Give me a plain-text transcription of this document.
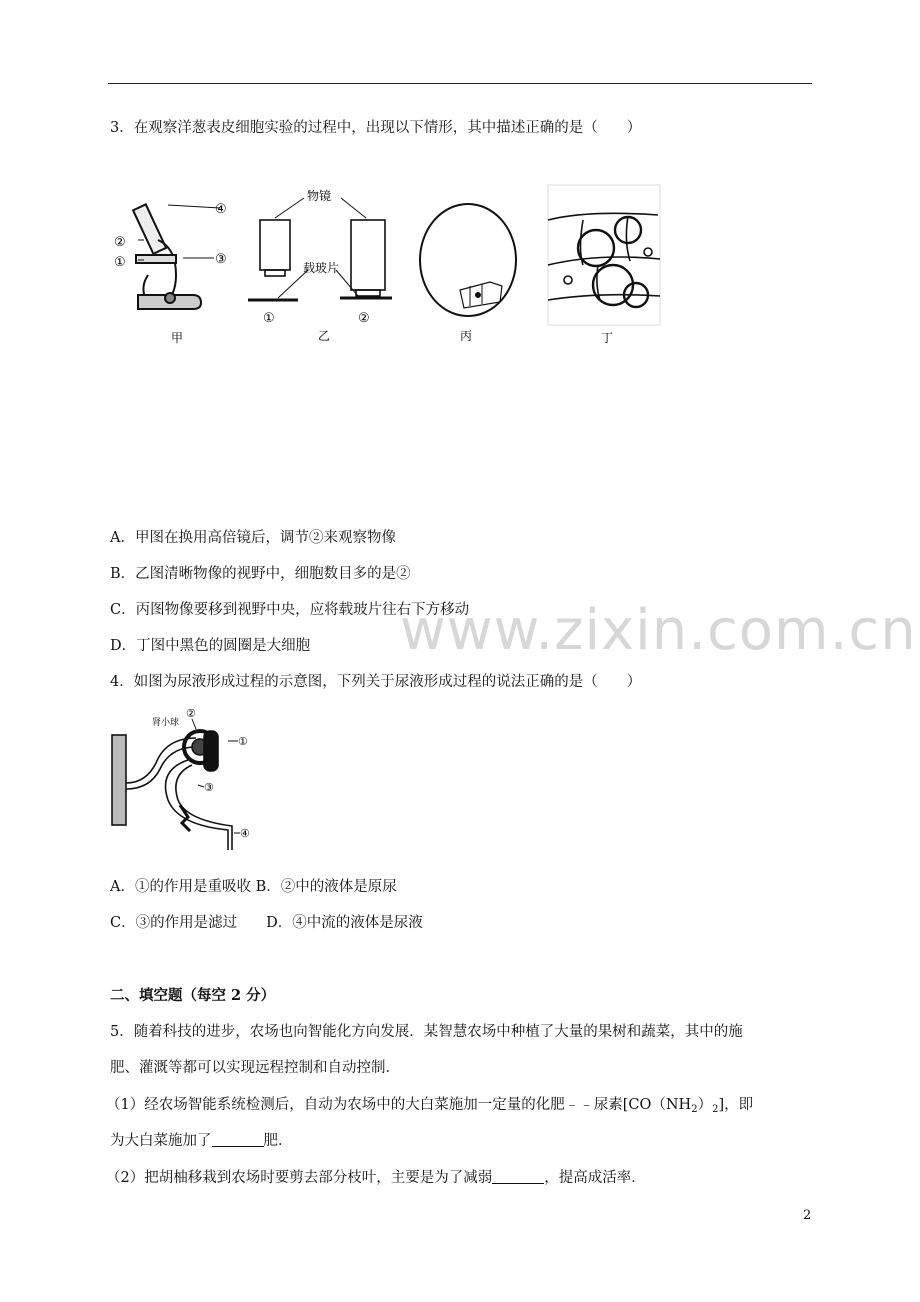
www.zixin.com.cn
3．在观察洋葱表皮细胞实验的过程中，出现以下情形，其中描述正确的是（　　）
④
②
①	③
甲
物镜
载玻片
①	②
乙	丙	丁
A．甲图在换用高倍镜后，调节②来观察物像
B．乙图清晰物像的视野中，细胞数目多的是②
C．丙图物像要移到视野中央，应将载玻片往右下方移动
D．丁图中黑色的圆圈是大细胞
4．如图为尿液形成过程的示意图，下列关于尿液形成过程的说法正确的是（　　）
肾小球
②
①
③
④
A．①的作用是重吸收 B．②中的液体是原尿
C．③的作用是滤过　　D．④中流的液体是尿液
二、填空题（每空 2 分）
5．随着科技的进步，农场也向智能化方向发展．某智慧农场中种植了大量的果树和蔬菜，其中的施
肥、灌溉等都可以实现远程控制和自动控制．
（1）经农场智能系统检测后，自动为农场中的大白菜施加一定量的化肥﹣﹣尿素$[CO(NH_2)_2]$，即
为大白菜施加了	肥．
（2）把胡柚移栽到农场时要剪去部分枝叶，主要是为了减弱	，提高成活率．
2
